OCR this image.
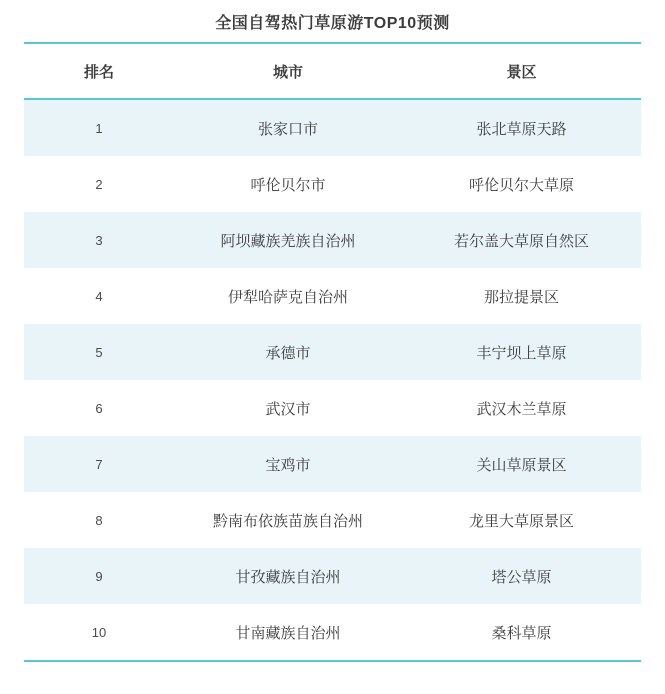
全国自驾热门草原游TOP10预测
排名	城市	景区
1	张家口市	张北草原天路
2	呼伦贝尔市	呼伦贝尔大草原
3	阿坝藏族羌族自治州	若尔盖大草原自然区
4	伊犁哈萨克自治州	那拉提景区
5	承德市	丰宁坝上草原
6	武汉市	武汉木兰草原
7	宝鸡市	关山草原景区
8	黔南布依族苗族自治州	龙里大草原景区
9	甘孜藏族自治州	塔公草原
10	甘南藏族自治州	桑科草原
